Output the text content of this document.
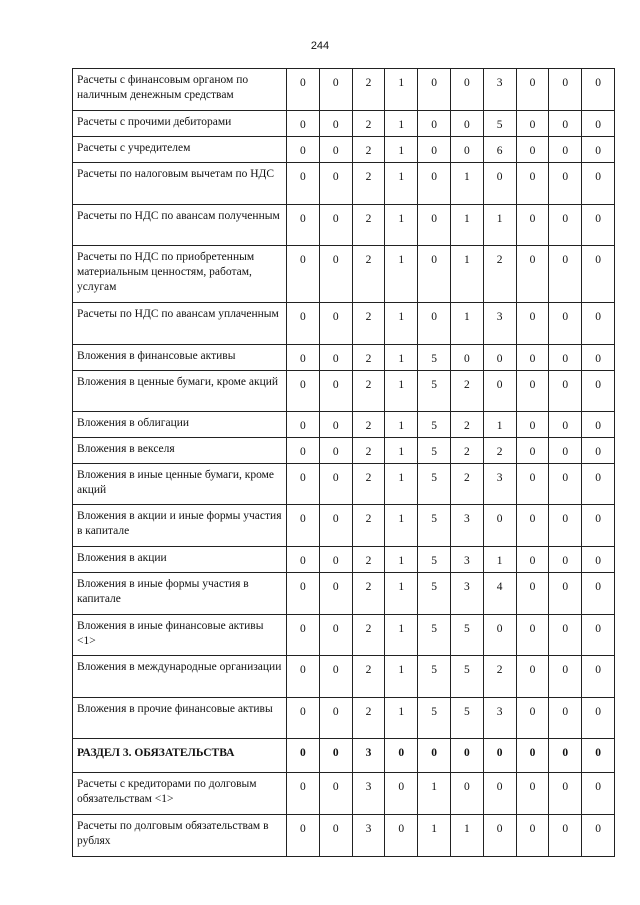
244
Расчеты с финансовым органом по наличным денежным средствам	0	0	2	1	0	0	3	0	0	0
Расчеты с прочими дебиторами	0	0	2	1	0	0	5	0	0	0
Расчеты с учредителем	0	0	2	1	0	0	6	0	0	0
Расчеты по налоговым вычетам по НДС	0	0	2	1	0	1	0	0	0	0
Расчеты по НДС по авансам полученным	0	0	2	1	0	1	1	0	0	0
Расчеты по НДС по приобретенным материальным ценностям, работам, услугам	0	0	2	1	0	1	2	0	0	0
Расчеты по НДС по авансам уплаченным	0	0	2	1	0	1	3	0	0	0
Вложения в финансовые активы	0	0	2	1	5	0	0	0	0	0
Вложения в ценные бумаги, кроме акций	0	0	2	1	5	2	0	0	0	0
Вложения в облигации	0	0	2	1	5	2	1	0	0	0
Вложения в векселя	0	0	2	1	5	2	2	0	0	0
Вложения в иные ценные бумаги, кроме акций	0	0	2	1	5	2	3	0	0	0
Вложения в акции и иные формы участия в капитале	0	0	2	1	5	3	0	0	0	0
Вложения в акции	0	0	2	1	5	3	1	0	0	0
Вложения в иные формы участия в капитале	0	0	2	1	5	3	4	0	0	0
Вложения в иные финансовые активы <1>	0	0	2	1	5	5	0	0	0	0
Вложения в международные организации	0	0	2	1	5	5	2	0	0	0
Вложения в прочие финансовые активы	0	0	2	1	5	5	3	0	0	0
РАЗДЕЛ 3. ОБЯЗАТЕЛЬСТВА	0	0	3	0	0	0	0	0	0	0
Расчеты с кредиторами по долговым обязательствам <1>	0	0	3	0	1	0	0	0	0	0
Расчеты по долговым обязательствам в рублях	0	0	3	0	1	1	0	0	0	0
